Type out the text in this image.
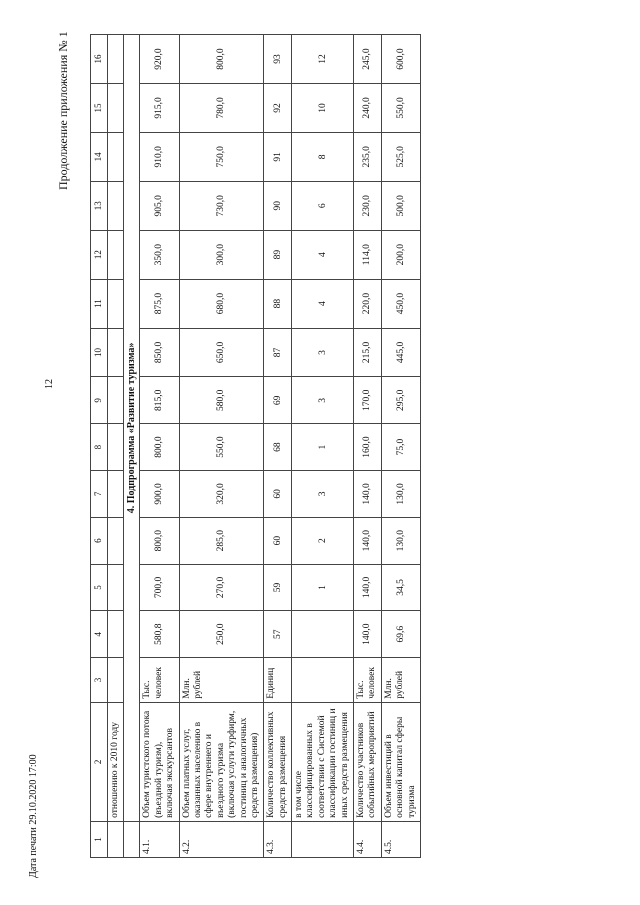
12
Продолжение приложения № 1
Дата печати 29.10.2020 17:00	1	2	3	4	5	6	7	8	9	10	11	12	13	14	15	16
	отношению к 2010 году														
	4. Подпрограмма «Развитие туризма»														
4.1.	Объем туристского потока (въездной туризм), включая экскурсантов	Тыс. человек	580,8	700,0	800,0	900,0	800,0	815,0	850,0	875,0	350,0	905,0	910,0	915,0	920,0
4.2.	Объем платных услуг, оказанных населению в сфере внутреннего и въездного туризма (включая услуги турфирм, гостиниц и аналогичных средств размещения)	Млн. рублей	250,0	270,0	285,0	320,0	550,0	580,0	650,0	680,0	300,0	730,0	750,0	780,0	800,0
4.3.	Количество коллективных средств размещения	Единиц	57	59	60	60	68	69	87	88	89	90	91	92	93
	в том числе классифицированных в соответствии с Системой классификации гостиниц и иных средств размещения			1	2	3	1	3	3	4	4	6	8	10	12
4.4.	Количество участников событийных мероприятий	Тыс. человек	140,0	140,0	140,0	140,0	160,0	170,0	215,0	220,0	114,0	230,0	235,0	240,0	245,0
4.5.	Объем инвестиций в основной капитал сферы туризма	Млн. рублей	69,6	34,5	130,0	130,0	75,0	295,0	445,0	450,0	200,0	500,0	525,0	550,0	600,0
